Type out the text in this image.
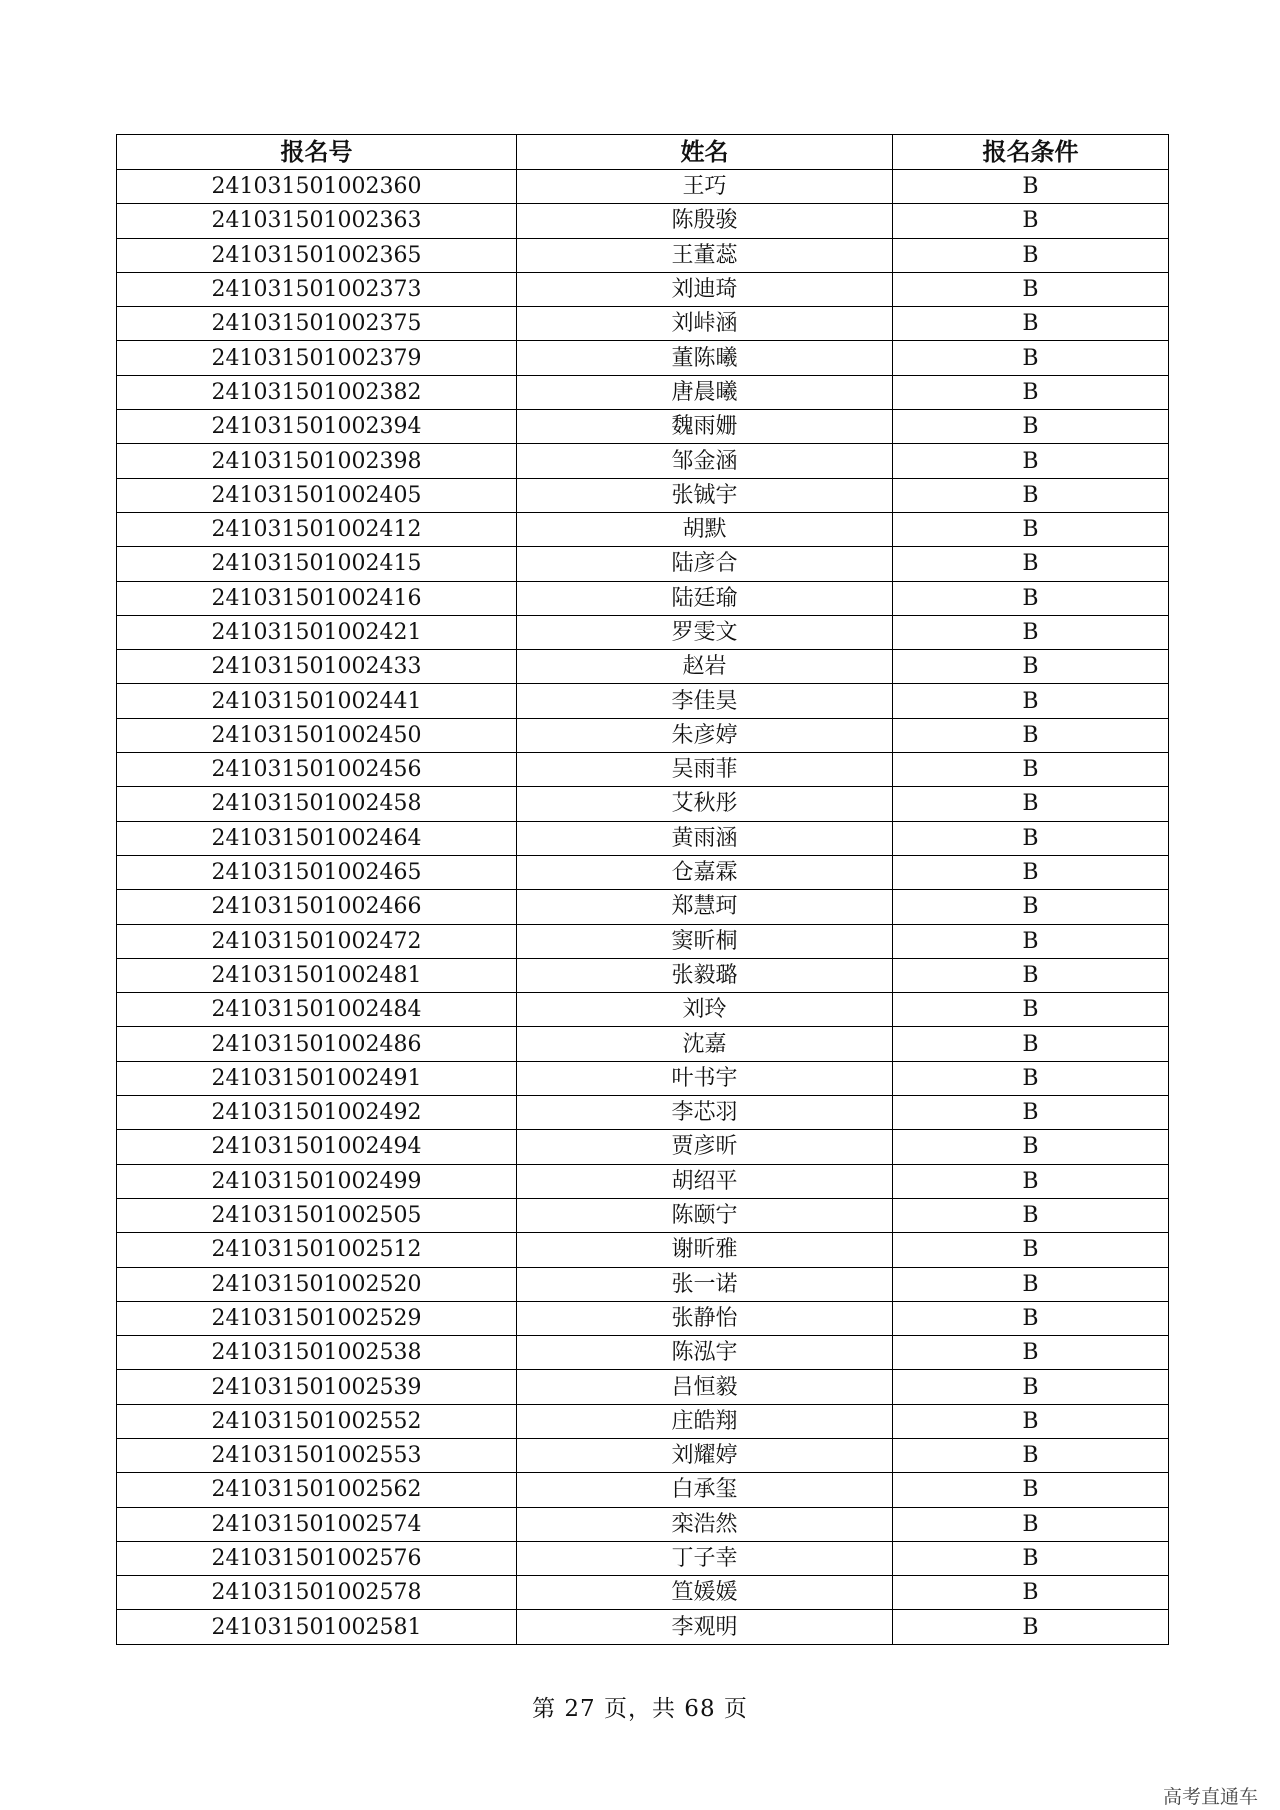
报名号	姓名	报名条件
241031501002360	王巧	B
241031501002363	陈殷骏	B
241031501002365	王董蕊	B
241031501002373	刘迪琦	B
241031501002375	刘峠涵	B
241031501002379	董陈曦	B
241031501002382	唐晨曦	B
241031501002394	魏雨姗	B
241031501002398	邹金涵	B
241031501002405	张铖宇	B
241031501002412	胡默	B
241031501002415	陆彦合	B
241031501002416	陆廷瑜	B
241031501002421	罗雯文	B
241031501002433	赵岩	B
241031501002441	李佳昊	B
241031501002450	朱彦婷	B
241031501002456	吴雨菲	B
241031501002458	艾秋彤	B
241031501002464	黄雨涵	B
241031501002465	仓嘉霖	B
241031501002466	郑慧珂	B
241031501002472	窦昕桐	B
241031501002481	张毅璐	B
241031501002484	刘玲	B
241031501002486	沈嘉	B
241031501002491	叶书宇	B
241031501002492	李芯羽	B
241031501002494	贾彦昕	B
241031501002499	胡绍平	B
241031501002505	陈颐宁	B
241031501002512	谢昕雅	B
241031501002520	张一诺	B
241031501002529	张静怡	B
241031501002538	陈泓宇	B
241031501002539	吕恒毅	B
241031501002552	庄皓翔	B
241031501002553	刘耀婷	B
241031501002562	白承玺	B
241031501002574	栾浩然	B
241031501002576	丁子幸	B
241031501002578	笪媛媛	B
241031501002581	李观明	B
第 27 页，共 68 页
高考直通车
